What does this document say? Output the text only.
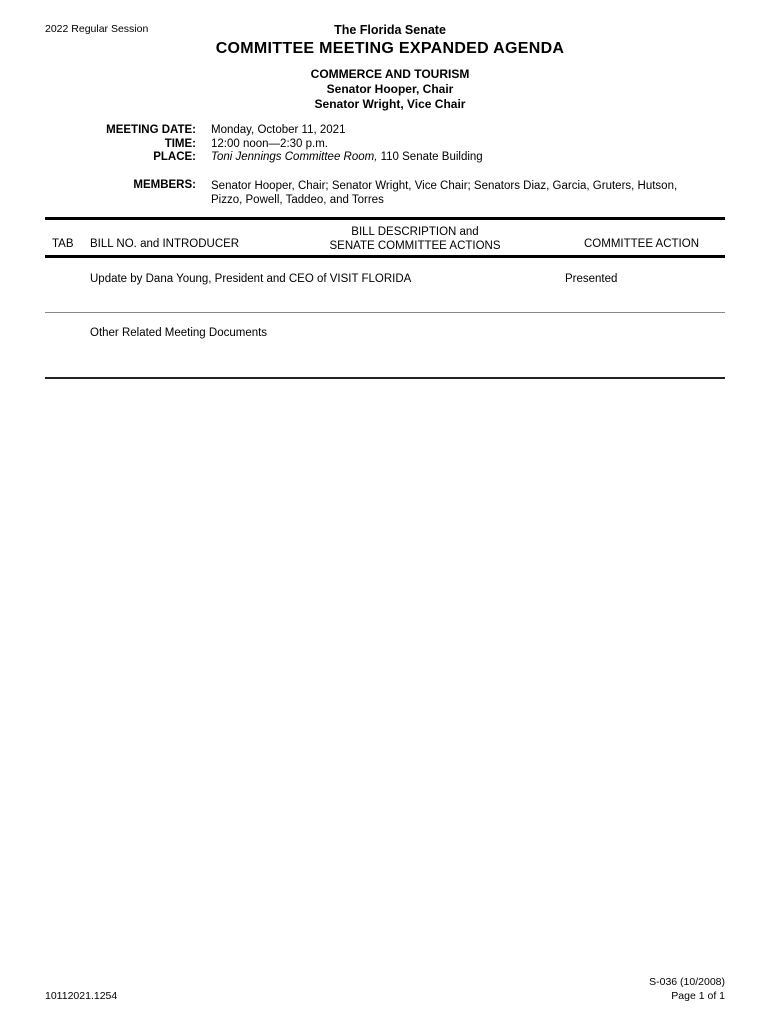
2022 Regular Session	The Florida Senate
COMMITTEE MEETING EXPANDED AGENDA
COMMERCE AND TOURISM
Senator Hooper, Chair
Senator Wright, Vice Chair
MEETING DATE: Monday, October 11, 2021
TIME: 12:00 noon—2:30 p.m.
PLACE: Toni Jennings Committee Room, 110 Senate Building
MEMBERS: Senator Hooper, Chair; Senator Wright, Vice Chair; Senators Diaz, Garcia, Gruters, Hutson, Pizzo, Powell, Taddeo, and Torres
TAB BILL NO. and INTRODUCER
BILL DESCRIPTION and
SENATE COMMITTEE ACTIONS	COMMITTEE ACTION
Update by Dana Young, President and CEO of VISIT FLORIDA	Presented
Other Related Meeting Documents
10112021.1254
S-036 (10/2008)
Page 1 of 1
